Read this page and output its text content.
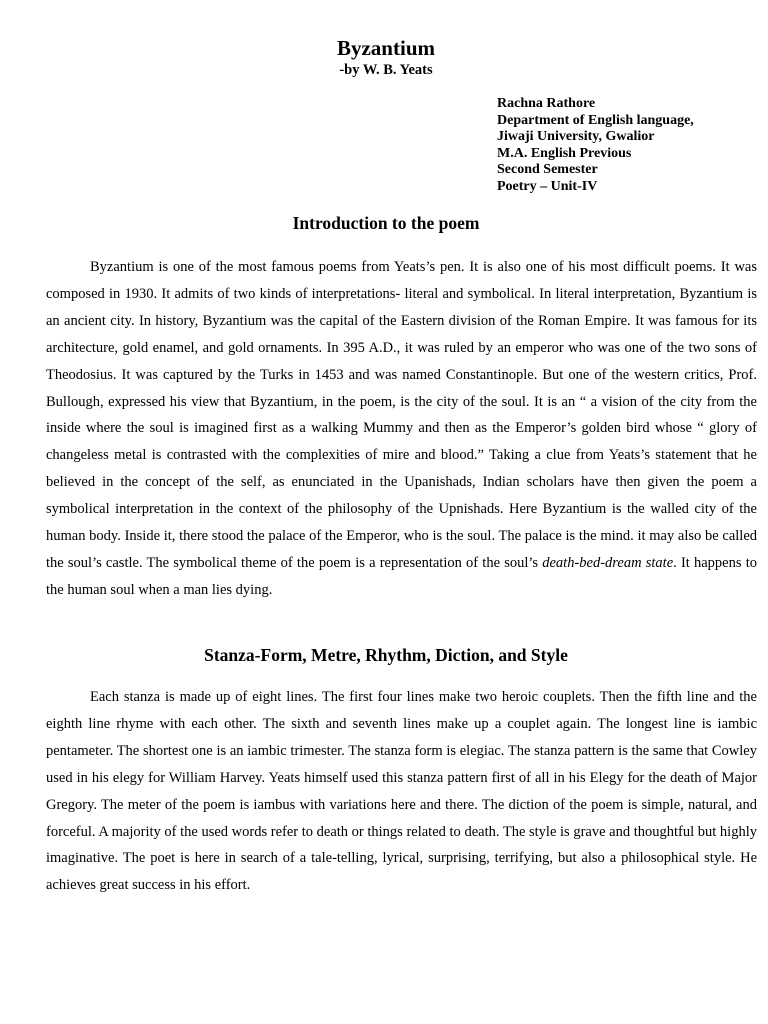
Byzantium

-by W. B. Yeats

Rachna Rathore
Department of English language,
Jiwaji University, Gwalior
M.A. English Previous
Second Semester
Poetry – Unit-IV
Introduction to the poem

Byzantium is one of the most famous poems from Yeats’s pen. It is also one of his most difficult poems. It was composed in 1930. It admits of two kinds of interpretations- literal and symbolical. In literal interpretation, Byzantium is an ancient city. In history, Byzantium was the capital of the Eastern division of the Roman Empire. It was famous for its architecture, gold enamel, and gold ornaments. In 395 A.D., it was ruled by an emperor who was one of the two sons of Theodosius. It was captured by the Turks in 1453 and was named Constantinople. But one of the western critics, Prof. Bullough, expressed his view that Byzantium, in the poem, is the city of the soul. It is an “ a vision of the city from the inside where the soul is imagined first as a walking Mummy and then as the Emperor’s golden bird whose “ glory of changeless metal is contrasted with the complexities of mire and blood.” Taking a clue from Yeats’s statement that he believed in the concept of the self, as enunciated in the Upanishads, Indian scholars have then given the poem a symbolical interpretation in the context of the philosophy of the Upnishads. Here Byzantium is the walled city of the human body. Inside it, there stood the palace of the Emperor, who is the soul. The palace is the mind. it may also be called the soul’s castle. The symbolical theme of the poem is a representation of the soul’s death-bed-dream state. It happens to the human soul when a man lies dying.

Stanza-Form, Metre, Rhythm, Diction, and Style

Each stanza is made up of eight lines. The first four lines make two heroic couplets. Then the fifth line and the eighth line rhyme with each other. The sixth and seventh lines make up a couplet again. The longest line is iambic pentameter. The shortest one is an iambic trimester. The stanza form is elegiac. The stanza pattern is the same that Cowley used in his elegy for William Harvey. Yeats himself used this stanza pattern first of all in his Elegy for the death of Major Gregory. The meter of the poem is iambus with variations here and there. The diction of the poem is simple, natural, and forceful. A majority of the used words refer to death or things related to death. The style is grave and thoughtful but highly imaginative. The poet is here in search of a tale-telling, lyrical, surprising, terrifying, but also a philosophical style. He achieves great success in his effort.
